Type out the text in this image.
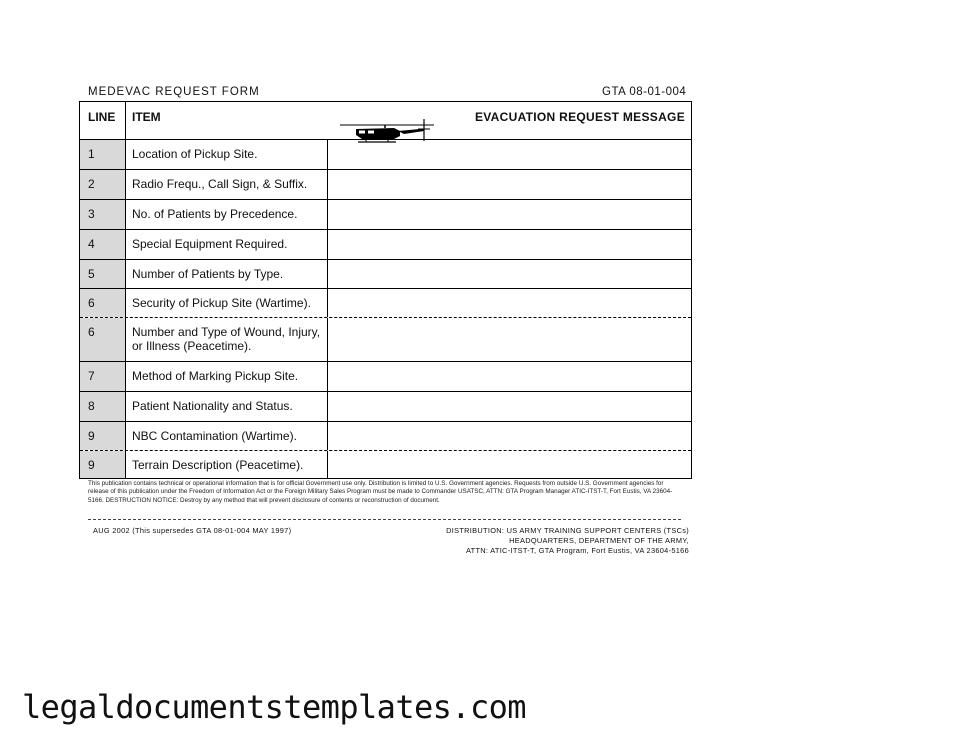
MEDEVAC REQUEST FORM	GTA 08-01-004
LINE	ITEM	EVACUATION REQUEST MESSAGE
1	Location of Pickup Site.
2	Radio Frequ., Call Sign, & Suffix.
3	No. of Patients by Precedence.
4	Special Equipment Required.
5	Number of Patients by Type.
6	Security of Pickup Site (Wartime).
6	Number and Type of Wound, Injury, or Illness (Peacetime).
7	Method of Marking Pickup Site.
8	Patient Nationality and Status.
9	NBC Contamination (Wartime).
9	Terrain Description (Peacetime).
This publication contains technical or operational information that is for official Government use only. Distribution is limited to U.S. Government agencies. Requests from outside U.S. Government agencies for release of this publication under the Freedom of Information Act or the Foreign Military Sales Program must be made to Commander USATSC, ATTN: GTA Program Manager ATIC-ITST-T, Fort Eustis, VA 23604-5166. DESTRUCTION NOTICE: Destroy by any method that will prevent disclosure of contents or reconstruction of document.
AUG 2002 (This supersedes GTA 08-01-004 MAY 1997)	DISTRIBUTION: US ARMY TRAINING SUPPORT CENTERS (TSCs)
HEADQUARTERS, DEPARTMENT OF THE ARMY,
ATTN: ATIC-ITST-T, GTA Program, Fort Eustis, VA 23604-5166
legaldocumentstemplates.com
